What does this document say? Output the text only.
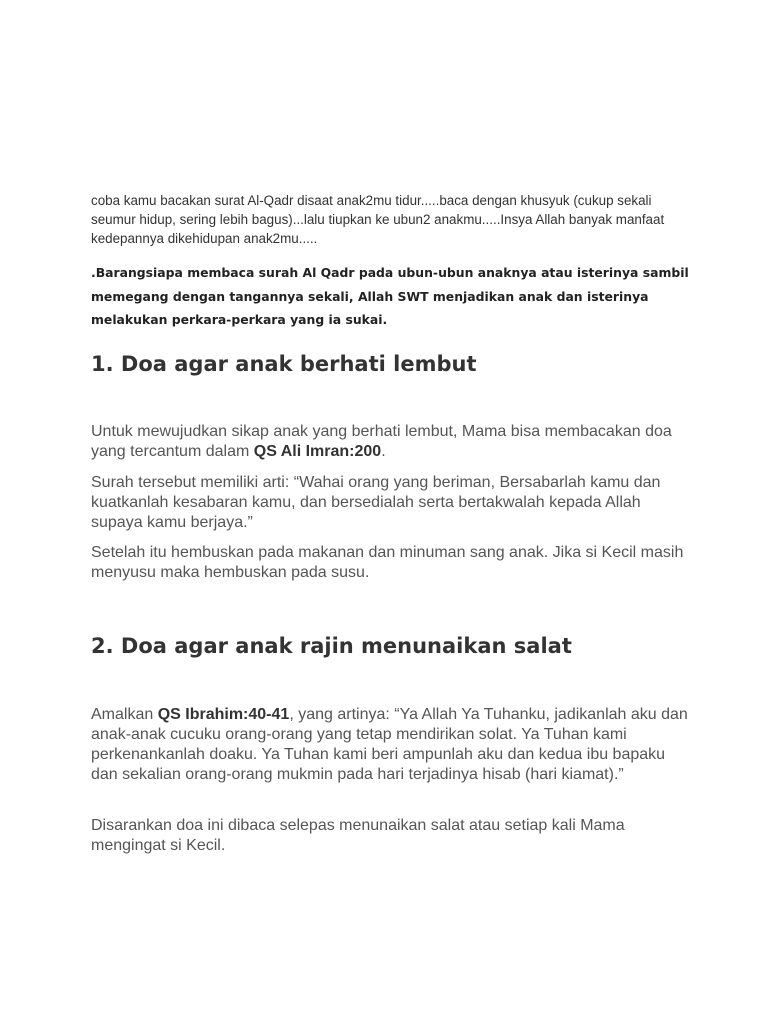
coba kamu bacakan surat Al-Qadr disaat anak2mu tidur.....baca dengan khusyuk (cukup sekali seumur hidup, sering lebih bagus)...lalu tiupkan ke ubun2 anakmu.....Insya Allah banyak manfaat kedepannya dikehidupan anak2mu.....

.Barangsiapa membaca surah Al Qadr pada ubun-ubun anaknya atau isterinya sambil memegang dengan tangannya sekali, Allah SWT menjadikan anak dan isterinya melakukan perkara-perkara yang ia sukai.

1. Doa agar anak berhati lembut

Untuk mewujudkan sikap anak yang berhati lembut, Mama bisa membacakan doa yang tercantum dalam QS Ali Imran:200.

Surah tersebut memiliki arti: “Wahai orang yang beriman, Bersabarlah kamu dan kuatkanlah kesabaran kamu, dan bersedialah serta bertakwalah kepada Allah supaya kamu berjaya.”

Setelah itu hembuskan pada makanan dan minuman sang anak. Jika si Kecil masih menyusu maka hembuskan pada susu.

2. Doa agar anak rajin menunaikan salat

Amalkan QS Ibrahim:40-41, yang artinya: “Ya Allah Ya Tuhanku, jadikanlah aku dan anak-anak cucuku orang-orang yang tetap mendirikan solat. Ya Tuhan kami perkenankanlah doaku. Ya Tuhan kami beri ampunlah aku dan kedua ibu bapaku dan sekalian orang-orang mukmin pada hari terjadinya hisab (hari kiamat).”

Disarankan doa ini dibaca selepas menunaikan salat atau setiap kali Mama mengingat si Kecil.
